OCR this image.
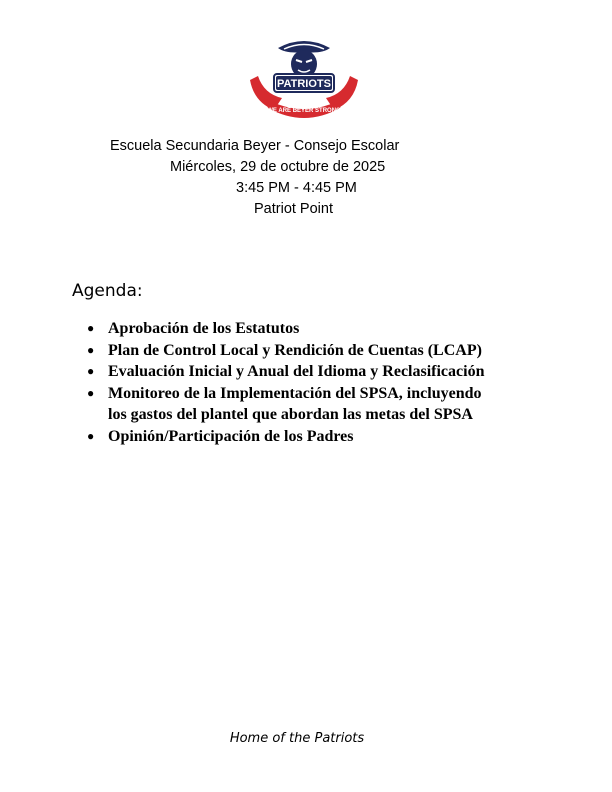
PATRIOTS
★ WE ARE BEYER STRONG ★
Escuela Secundaria Beyer - Consejo Escolar
Miércoles, 29 de octubre de 2025
3:45 PM - 4:45 PM
Patriot Point
Agenda:
● Aprobación de los Estatutos
● Plan de Control Local y Rendición de Cuentas (LCAP)
● Evaluación Inicial y Anual del Idioma y Reclasificación
● Monitoreo de la Implementación del SPSA, incluyendo los gastos del plantel que abordan las metas del SPSA
● Opinión/Participación de los Padres
Home of the Patriots
